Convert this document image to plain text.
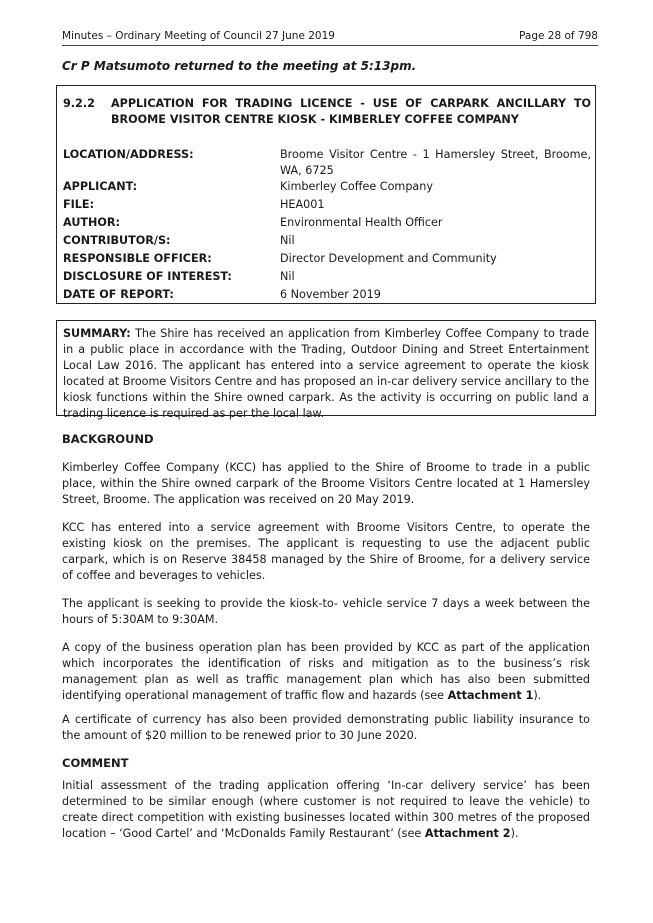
Minutes – Ordinary Meeting of Council 27 June 2019	Page 28 of 798
Cr P Matsumoto returned to the meeting at 5:13pm.
9.2.2	APPLICATION FOR TRADING LICENCE - USE OF CARPARK ANCILLARY TO BROOME VISITOR CENTRE KIOSK - KIMBERLEY COFFEE COMPANY
LOCATION/ADDRESS:	Broome Visitor Centre - 1 Hamersley Street, Broome, WA, 6725
APPLICANT:	Kimberley Coffee Company
FILE:	HEA001
AUTHOR:	Environmental Health Officer
CONTRIBUTOR/S:	Nil
RESPONSIBLE OFFICER:	Director Development and Community
DISCLOSURE OF INTEREST:	Nil
DATE OF REPORT:	6 November 2019
SUMMARY: The Shire has received an application from Kimberley Coffee Company to trade in a public place in accordance with the Trading, Outdoor Dining and Street Entertainment Local Law 2016. The applicant has entered into a service agreement to operate the kiosk located at Broome Visitors Centre and has proposed an in-car delivery service ancillary to the kiosk functions within the Shire owned carpark. As the activity is occurring on public land a trading licence is required as per the local law.
BACKGROUND
Kimberley Coffee Company (KCC) has applied to the Shire of Broome to trade in a public place, within the Shire owned carpark of the Broome Visitors Centre located at 1 Hamersley Street, Broome. The application was received on 20 May 2019.
KCC has entered into a service agreement with Broome Visitors Centre, to operate the existing kiosk on the premises. The applicant is requesting to use the adjacent public carpark, which is on Reserve 38458 managed by the Shire of Broome, for a delivery service of coffee and beverages to vehicles.
The applicant is seeking to provide the kiosk-to- vehicle service 7 days a week between the hours of 5:30AM to 9:30AM.
A copy of the business operation plan has been provided by KCC as part of the application which incorporates the identification of risks and mitigation as to the business’s risk management plan as well as traffic management plan which has also been submitted identifying operational management of traffic flow and hazards (see Attachment 1).
A certificate of currency has also been provided demonstrating public liability insurance to the amount of $20 million to be renewed prior to 30 June 2020.
COMMENT
Initial assessment of the trading application offering ‘In-car delivery service’ has been determined to be similar enough (where customer is not required to leave the vehicle) to create direct competition with existing businesses located within 300 metres of the proposed location – ‘Good Cartel’ and ‘McDonalds Family Restaurant’ (see Attachment 2).
